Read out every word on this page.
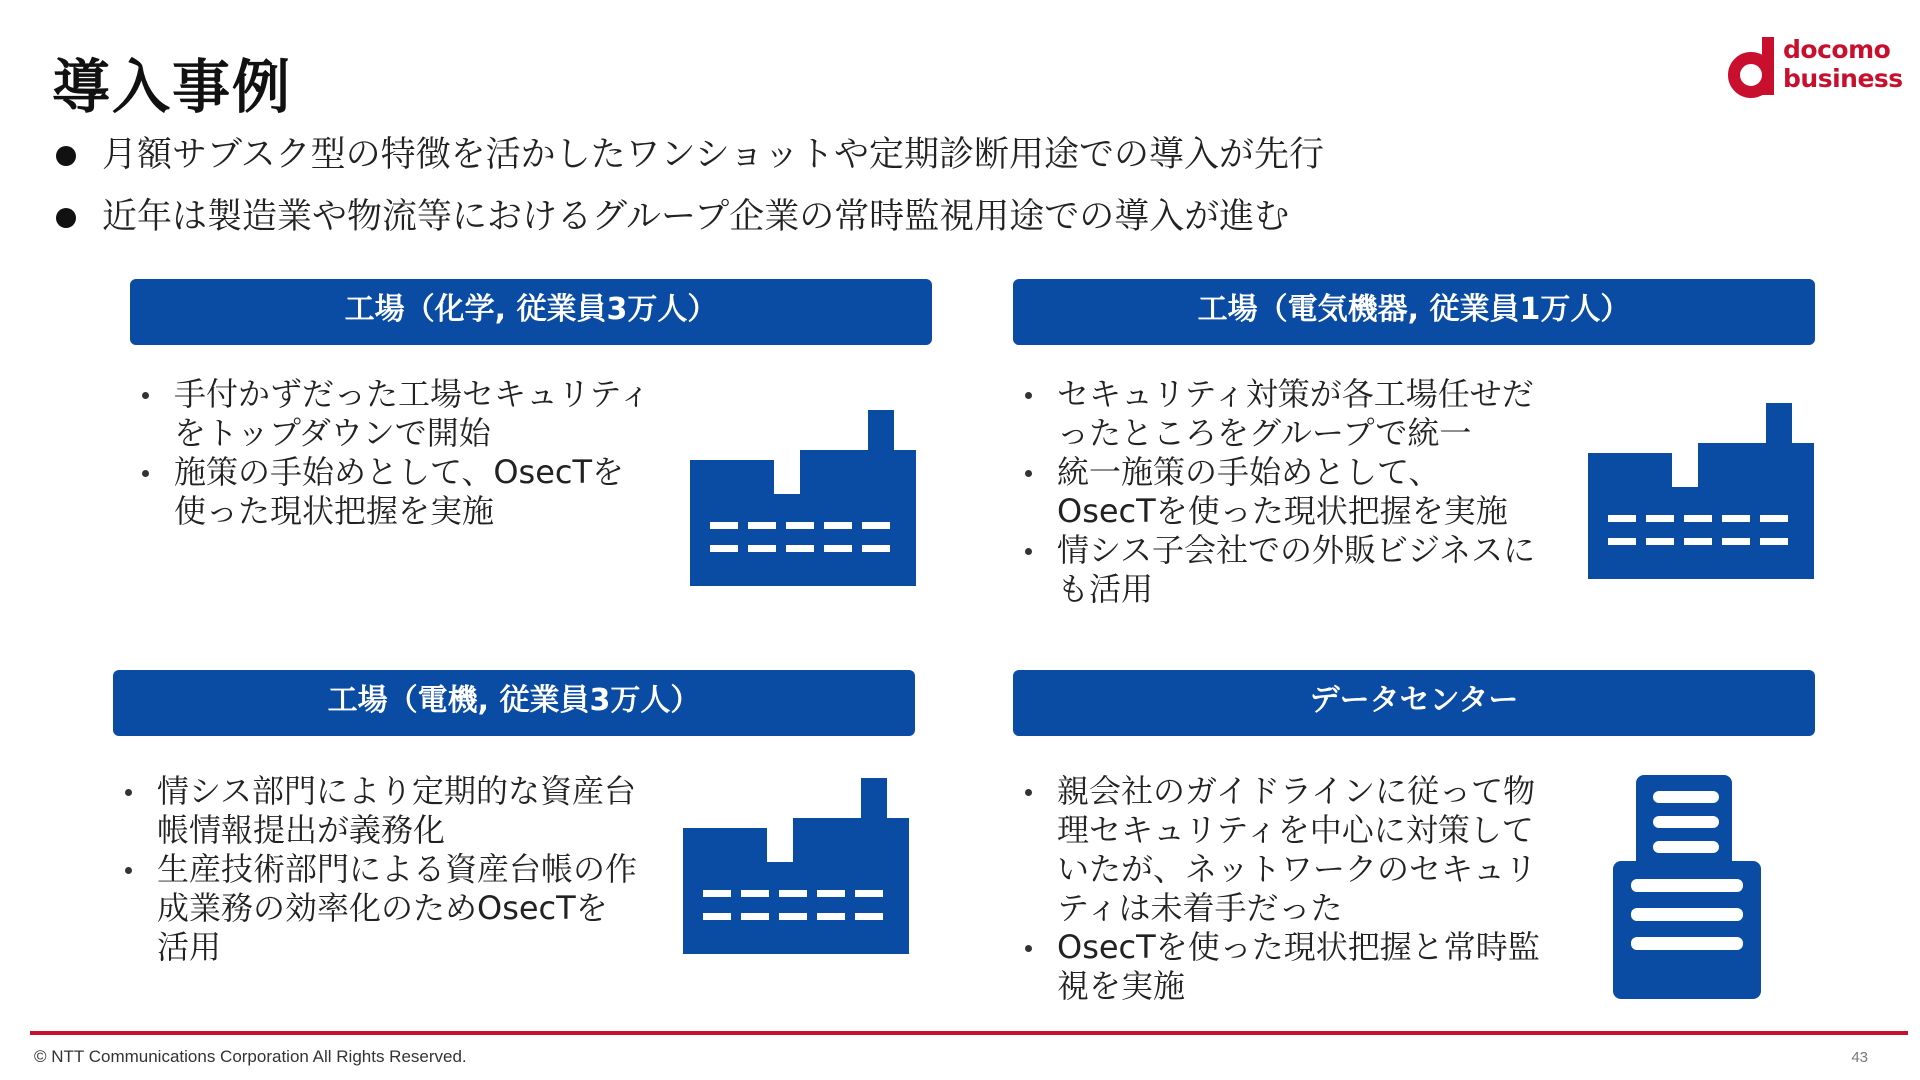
導入事例
docomo
business
月額サブスク型の特徴を活かしたワンショットや定期診断用途での導入が先行
近年は製造業や物流等におけるグループ企業の常時監視用途での導入が進む
工場（化学, 従業員3万人）
手付かずだった工場セキュリティをトップダウンで開始
施策の手始めとして、OsecTを使った現状把握を実施
工場（電気機器, 従業員1万人）
セキュリティ対策が各工場任せだったところをグループで統一
統一施策の手始めとして、OsecTを使った現状把握を実施
情シス子会社での外販ビジネスにも活用
工場（電機, 従業員3万人）
情シス部門により定期的な資産台帳情報提出が義務化
生産技術部門による資産台帳の作成業務の効率化のためOsecTを活用
データセンター
親会社のガイドラインに従って物理セキュリティを中心に対策していたが、ネットワークのセキュリティは未着手だった
OsecTを使った現状把握と常時監視を実施
© NTT Communications Corporation All Rights Reserved.	43
